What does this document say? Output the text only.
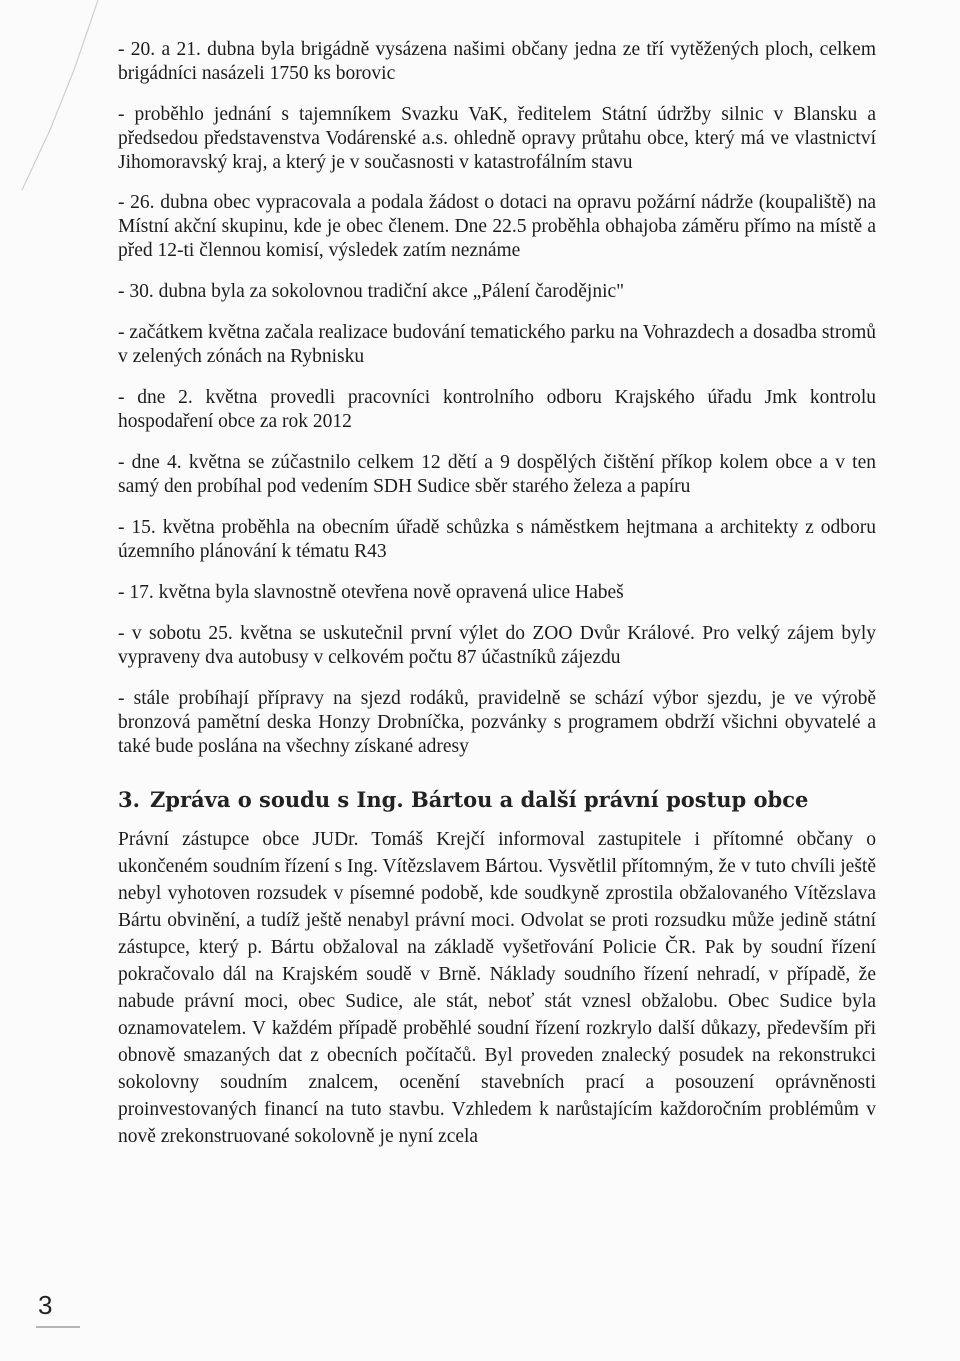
- 20. a 21. dubna byla brigádně vysázena našimi občany jedna ze tří vytěžených ploch, celkem brigádníci nasázeli 1750 ks borovic

- proběhlo jednání s tajemníkem Svazku VaK, ředitelem Státní údržby silnic v Blansku a předsedou představenstva Vodárenské a.s. ohledně opravy průtahu obce, který má ve vlastnictví Jihomoravský kraj, a který je v současnosti v katastrofálním stavu

- 26. dubna obec vypracovala a podala žádost o dotaci na opravu požární nádrže (koupaliště) na Místní akční skupinu, kde je obec členem. Dne 22.5 proběhla obhajoba záměru přímo na místě a před 12-ti člennou komisí, výsledek zatím neznáme

- 30. dubna byla za sokolovnou tradiční akce „Pálení čarodějnic"

- začátkem května začala realizace budování tematického parku na Vohrazdech a dosadba stromů v zelených zónách na Rybnisku

- dne 2. května provedli pracovníci kontrolního odboru Krajského úřadu Jmk kontrolu hospodaření obce za rok 2012

- dne 4. května se zúčastnilo celkem 12 dětí a 9 dospělých čištění příkop kolem obce a v ten samý den probíhal pod vedením SDH Sudice sběr starého železa a papíru

- 15. května proběhla na obecním úřadě schůzka s náměstkem hejtmana a architekty z odboru územního plánování k tématu R43

- 17. května byla slavnostně otevřena nově opravená ulice Habeš

- v sobotu 25. května se uskutečnil první výlet do ZOO Dvůr Králové. Pro velký zájem byly vypraveny dva autobusy v celkovém počtu 87 účastníků zájezdu

- stále probíhají přípravy na sjezd rodáků, pravidelně se schází výbor sjezdu, je ve výrobě bronzová pamětní deska Honzy Drobníčka, pozvánky s programem obdrží všichni obyvatelé a také bude poslána na všechny získané adresy

3. Zpráva o soudu s Ing. Bártou a další právní postup obce

Právní zástupce obce JUDr. Tomáš Krejčí informoval zastupitele i přítomné občany o ukončeném soudním řízení s Ing. Vítězslavem Bártou. Vysvětlil přítomným, že v tuto chvíli ještě nebyl vyhotoven rozsudek v písemné podobě, kde soudkyně zprostila obžalovaného Vítězslava Bártu obvinění, a tudíž ještě nenabyl právní moci. Odvolat se proti rozsudku může jedině státní zástupce, který p. Bártu obžaloval na základě vyšetřování Policie ČR. Pak by soudní řízení pokračovalo dál na Krajském soudě v Brně. Náklady soudního řízení nehradí, v případě, že nabude právní moci, obec Sudice, ale stát, neboť stát vznesl obžalobu. Obec Sudice byla oznamovatelem. V každém případě proběhlé soudní řízení rozkrylo další důkazy, především při obnově smazaných dat z obecních počítačů. Byl proveden znalecký posudek na rekonstrukci sokolovny soudním znalcem, ocenění stavebních prací a posouzení oprávněnosti proinvestovaných financí na tuto stavbu. Vzhledem k narůstajícím každoročním problémům v nově zrekonstruované sokolovně je nyní zcela

3
